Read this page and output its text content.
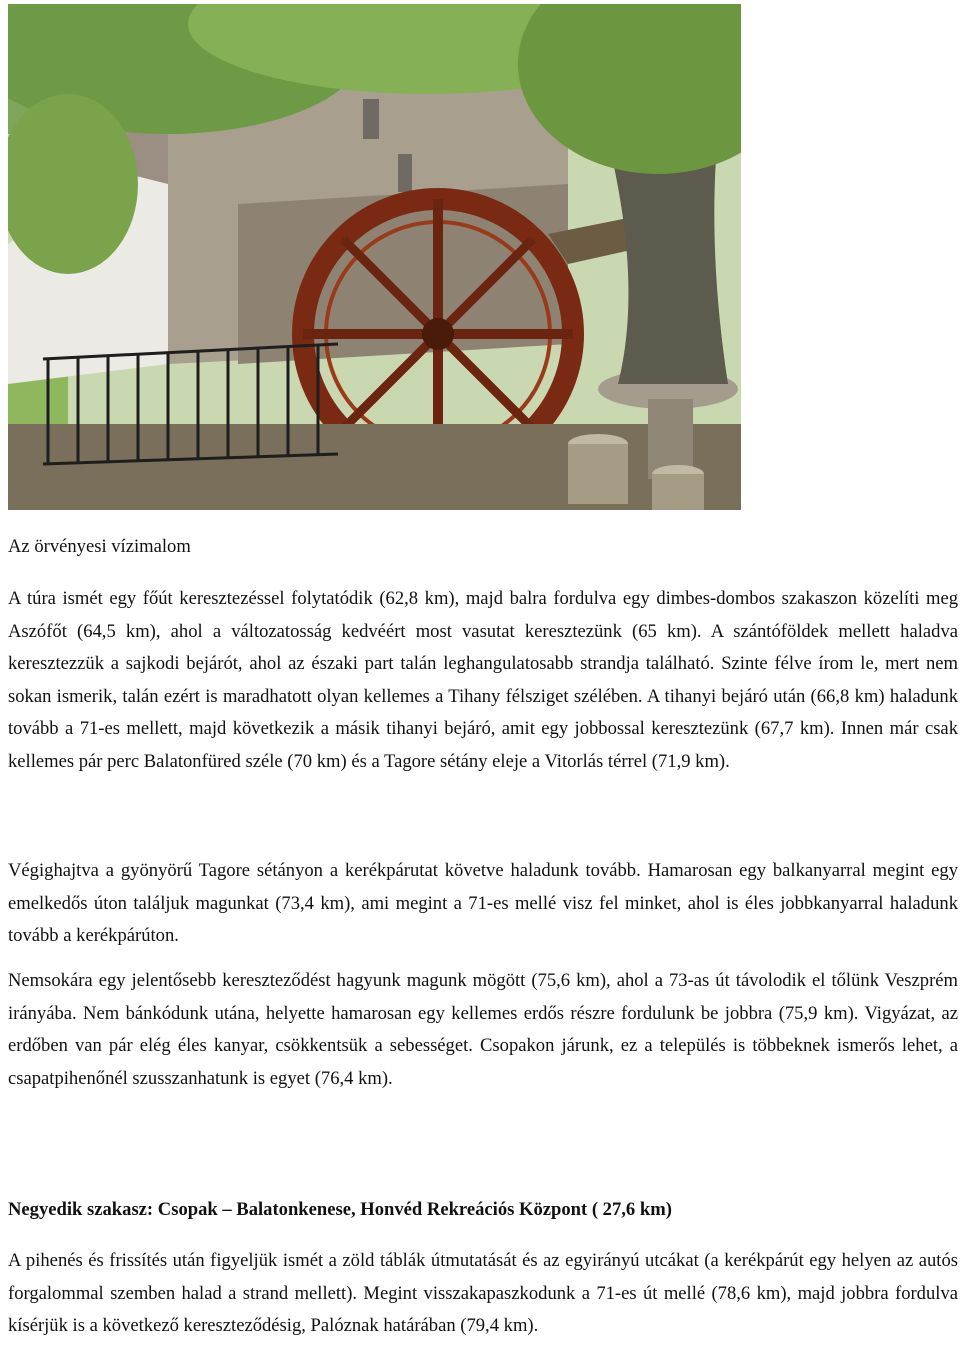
Az örvényesi vízimalom

A túra ismét egy főút keresztezéssel folytatódik (62,8 km), majd balra fordulva egy dimbes-dombos szakaszon közelíti meg Aszófőt (64,5 km), ahol a változatosság kedvéért most vasutat keresztezünk (65 km). A szántóföldek mellett haladva keresztezzük a sajkodi bejárót, ahol az északi part talán leghangulatosabb strandja található. Szinte félve írom le, mert nem sokan ismerik, talán ezért is maradhatott olyan kellemes a Tihany félsziget szélében. A tihanyi bejáró után (66,8 km) haladunk tovább a 71-es mellett, majd következik a másik tihanyi bejáró, amit egy jobbossal keresztezünk (67,7 km). Innen már csak kellemes pár perc Balatonfüred széle (70 km) és a Tagore sétány eleje a Vitorlás térrel (71,9 km).

Végighajtva a gyönyörű Tagore sétányon a kerékpárutat követve haladunk tovább. Hamarosan egy balkanyarral megint egy emelkedős úton találjuk magunkat (73,4 km), ami megint a 71-es mellé visz fel minket, ahol is éles jobbkanyarral haladunk tovább a kerékpárúton.

Nemsokára egy jelentősebb kereszteződést hagyunk magunk mögött (75,6 km), ahol a 73-as út távolodik el tőlünk Veszprém irányába. Nem bánkódunk utána, helyette hamarosan egy kellemes erdős részre fordulunk be jobbra (75,9 km). Vigyázat, az erdőben van pár elég éles kanyar, csökkentsük a sebességet. Csopakon járunk, ez a település is többeknek ismerős lehet, a csapatpihenőnél szusszanhatunk is egyet (76,4 km).

Negyedik szakasz: Csopak – Balatonkenese, Honvéd Rekreációs Központ ( 27,6 km)

A pihenés és frissítés után figyeljük ismét a zöld táblák útmutatását és az egyirányú utcákat (a kerékpárút egy helyen az autós forgalommal szemben halad a strand mellett). Megint visszakapaszkodunk a 71-es út mellé (78,6 km), majd jobbra fordulva kísérjük is a következő kereszteződésig, Palóznak határában (79,4 km).
